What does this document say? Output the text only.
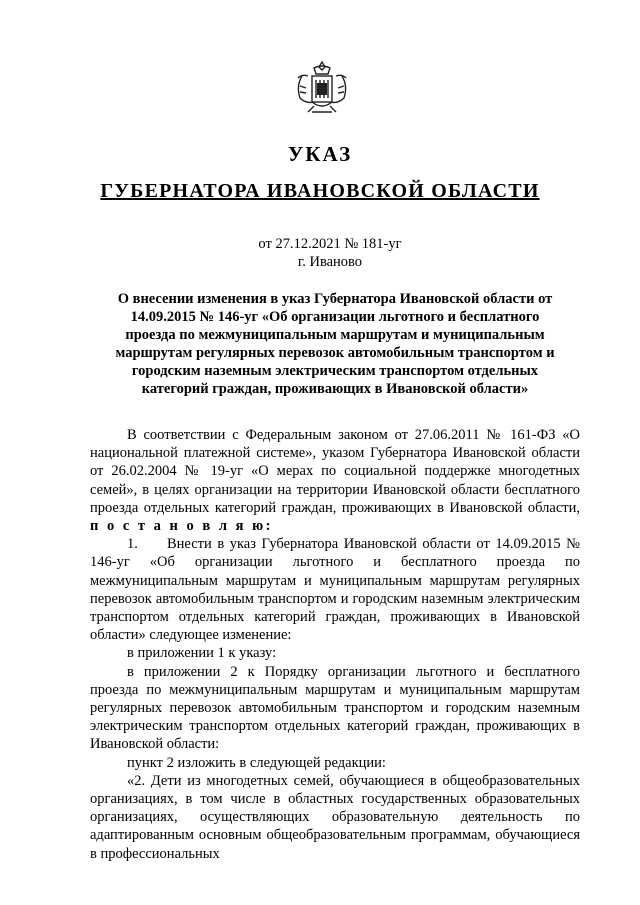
УКАЗ
ГУБЕРНАТОРА ИВАНОВСКОЙ ОБЛАСТИ
от 27.12.2021 № 181-уг
г. Иваново
О внесении изменения в указ Губернатора Ивановской области от 14.09.2015 № 146-уг «Об организации льготного и бесплатного проезда по межмуниципальным маршрутам и муниципальным маршрутам регулярных перевозок автомобильным транспортом и городским наземным электрическим транспортом отдельных категорий граждан, проживающих в Ивановской области»

В соответствии с Федеральным законом от 27.06.2011 № 161-ФЗ «О национальной платежной системе», указом Губернатора Ивановской области от 26.02.2004 № 19-уг «О мерах по социальной поддержке многодетных семей», в целях организации на территории Ивановской области бесплатного проезда отдельных категорий граждан, проживающих в Ивановской области, п о с т а н о в л я ю:

1. Внести в указ Губернатора Ивановской области от 14.09.2015 № 146-уг «Об организации льготного и бесплатного проезда по межмуниципальным маршрутам и муниципальным маршрутам регулярных перевозок автомобильным транспортом и городским наземным электрическим транспортом отдельных категорий граждан, проживающих в Ивановской области» следующее изменение:

в приложении 1 к указу:

в приложении 2 к Порядку организации льготного и бесплатного проезда по межмуниципальным маршрутам и муниципальным маршрутам регулярных перевозок автомобильным транспортом и городским наземным электрическим транспортом отдельных категорий граждан, проживающих в Ивановской области:

пункт 2 изложить в следующей редакции:

«2. Дети из многодетных семей, обучающиеся в общеобразовательных организациях, в том числе в областных государственных образовательных организациях, осуществляющих образовательную деятельность по адаптированным основным общеобразовательным программам, обучающиеся в профессиональных
